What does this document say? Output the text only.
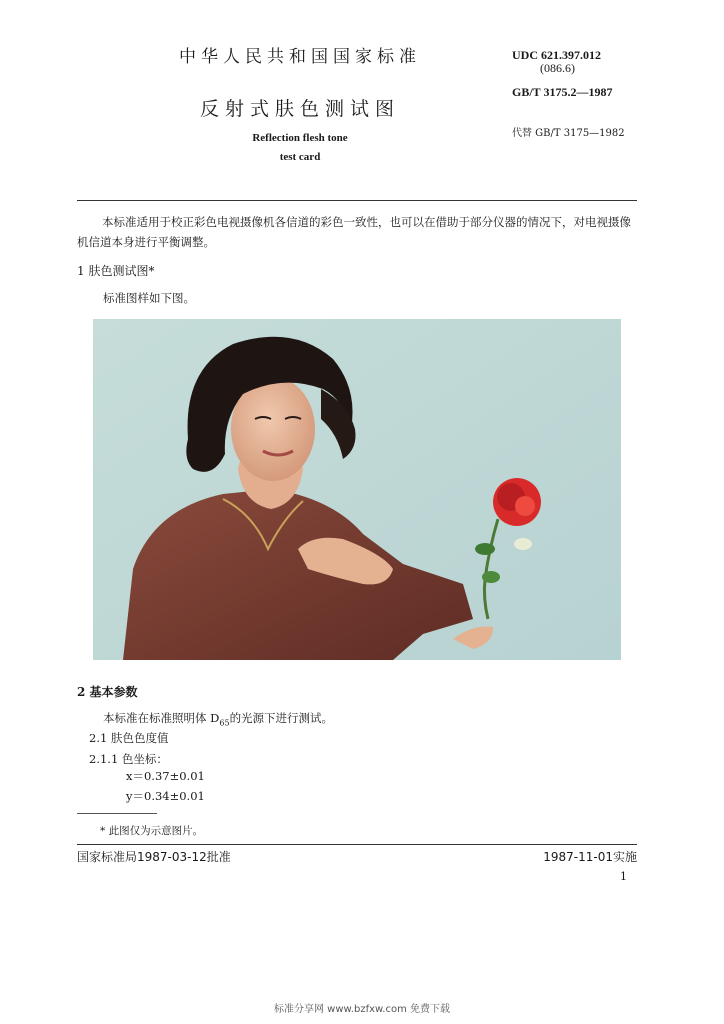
中华人民共和国国家标准
反射式肤色测试图
Reflection flesh tone
test card
UDC 621.397.012
(086.6)
GB/T 3175.2—1987
代替 GB/T 3175—1982
本标准适用于校正彩色电视摄像机各信道的彩色一致性，也可以在借助于部分仪器的情况下，对电视摄像机信道本身进行平衡调整。
1 肤色测试图*
标准图样如下图。
2 基本参数
本标准在标准照明体 $D_{65}$的光源下进行测试。
2.1 肤色色度值
2.1.1 色坐标：
x＝0.37±0.01
y＝0.34±0.01
* 此图仅为示意图片。
国家标准局1987-03-12批准	1987-11-01实施
1
标准分享网 www.bzfxw.com 免费下载
